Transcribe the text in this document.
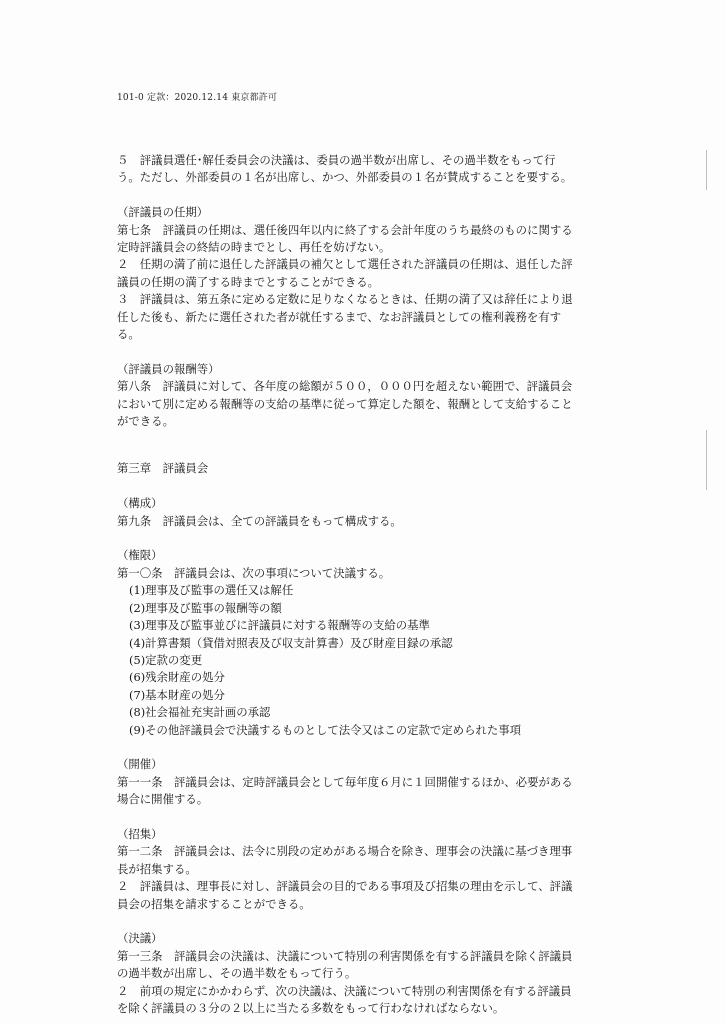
101-0 定款：2020.12.14 東京都許可
５　評議員選任･解任委員会の決議は、委員の過半数が出席し、その過半数をもって行
う。ただし、外部委員の１名が出席し、かつ、外部委員の１名が賛成することを要する。
（評議員の任期）
第七条　評議員の任期は、選任後四年以内に終了する会計年度のうち最終のものに関する
定時評議員会の終結の時までとし、再任を妨げない。
２　任期の満了前に退任した評議員の補欠として選任された評議員の任期は、退任した評
議員の任期の満了する時までとすることができる。
３　評議員は、第五条に定める定数に足りなくなるときは、任期の満了又は辞任により退
任した後も、新たに選任された者が就任するまで、なお評議員としての権利義務を有す
る。
（評議員の報酬等）
第八条　評議員に対して、各年度の総額が５００，０００円を超えない範囲で、評議員会
において別に定める報酬等の支給の基準に従って算定した額を、報酬として支給すること
ができる。
第三章　評議員会
（構成）
第九条　評議員会は、全ての評議員をもって構成する。
（権限）
第一〇条　評議員会は、次の事項について決議する。
(1)理事及び監事の選任又は解任
(2)理事及び監事の報酬等の額
(3)理事及び監事並びに評議員に対する報酬等の支給の基準
(4)計算書類（貸借対照表及び収支計算書）及び財産目録の承認
(5)定款の変更
(6)残余財産の処分
(7)基本財産の処分
(8)社会福祉充実計画の承認
(9)その他評議員会で決議するものとして法令又はこの定款で定められた事項
（開催）
第一一条　評議員会は、定時評議員会として毎年度６月に１回開催するほか、必要がある
場合に開催する。
（招集）
第一二条　評議員会は、法令に別段の定めがある場合を除き、理事会の決議に基づき理事
長が招集する。
２　評議員は、理事長に対し、評議員会の目的である事項及び招集の理由を示して、評議
員会の招集を請求することができる。
（決議）
第一三条　評議員会の決議は、決議について特別の利害関係を有する評議員を除く評議員
の過半数が出席し、その過半数をもって行う。
２　前項の規定にかかわらず、次の決議は、決議について特別の利害関係を有する評議員
を除く評議員の３分の２以上に当たる多数をもって行わなければならない。
